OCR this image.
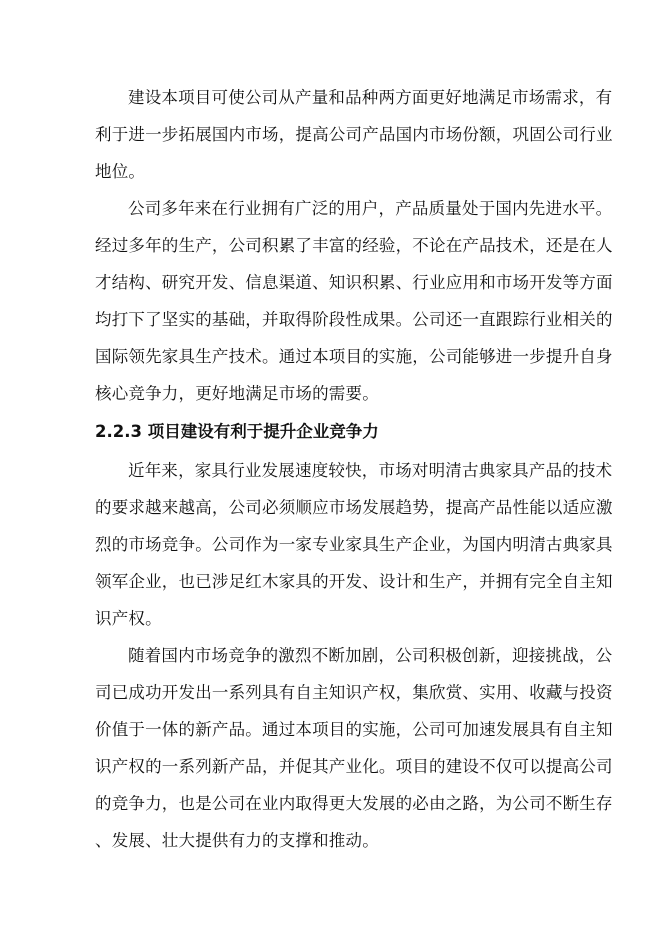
建设本项目可使公司从产量和品种两方面更好地满足市场需求，有
利于进一步拓展国内市场，提高公司产品国内市场份额，巩固公司行业
地位。
公司多年来在行业拥有广泛的用户，产品质量处于国内先进水平。
经过多年的生产，公司积累了丰富的经验，不论在产品技术，还是在人
才结构、研究开发、信息渠道、知识积累、行业应用和市场开发等方面
均打下了坚实的基础，并取得阶段性成果。公司还一直跟踪行业相关的
国际领先家具生产技术。通过本项目的实施，公司能够进一步提升自身
核心竞争力，更好地满足市场的需要。
2.2.3 项目建设有利于提升企业竞争力
近年来，家具行业发展速度较快，市场对明清古典家具产品的技术
的要求越来越高，公司必须顺应市场发展趋势，提高产品性能以适应激
烈的市场竞争。公司作为一家专业家具生产企业，为国内明清古典家具
领军企业，也已涉足红木家具的开发、设计和生产，并拥有完全自主知
识产权。
随着国内市场竞争的激烈不断加剧，公司积极创新，迎接挑战，公
司已成功开发出一系列具有自主知识产权，集欣赏、实用、收藏与投资
价值于一体的新产品。通过本项目的实施，公司可加速发展具有自主知
识产权的一系列新产品，并促其产业化。项目的建设不仅可以提高公司
的竞争力，也是公司在业内取得更大发展的必由之路，为公司不断生存
、发展、壮大提供有力的支撑和推动。
